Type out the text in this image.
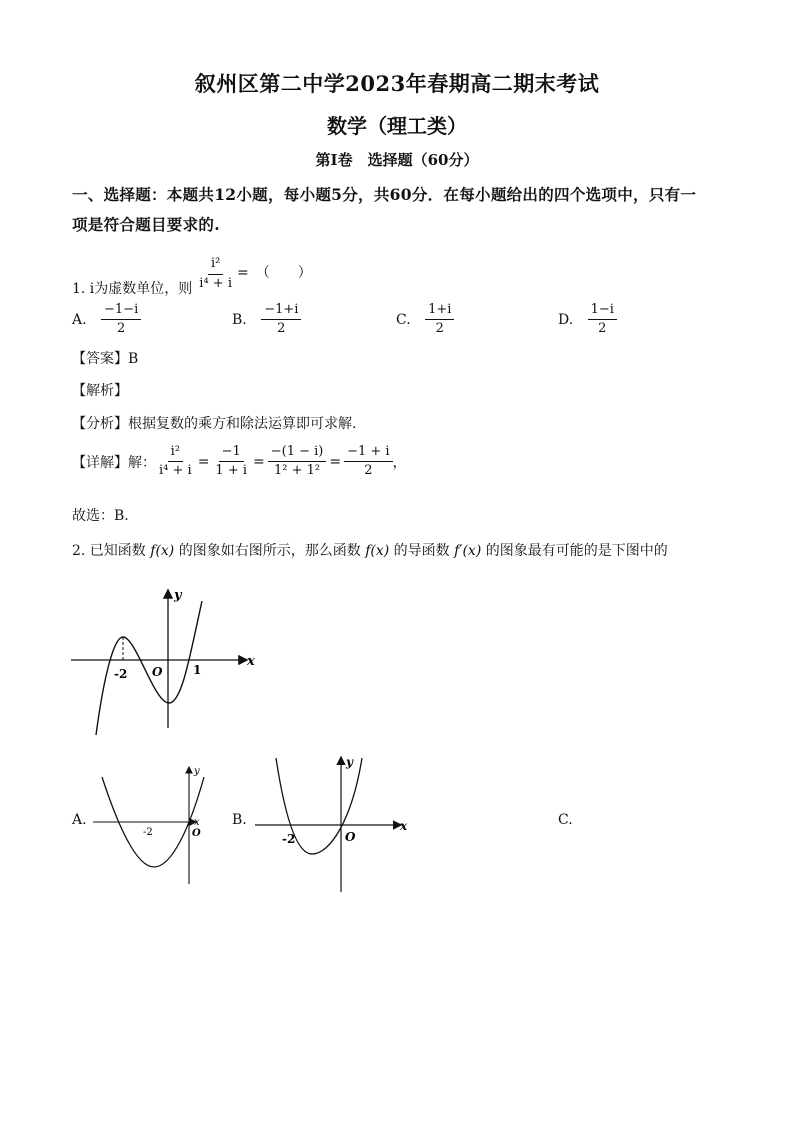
叙州区第二中学2023年春期高二期末考试
数学（理工类）
第Ⅰ卷　选择题（60分）
一、选择题：本题共12小题，每小题5分，共60分．在每小题给出的四个选项中，只有一
项是符合题目要求的.
1. i为虚数单位，则 $\frac{\text{i²}}{\text{i⁴ + i}}$ =　（　　）
A. $\frac{-1-i}{2}$	B. $\frac{-1+i}{2}$	C. $\frac{1+i}{2}$	D. $\frac{1-i}{2}$
【答案】B
【解析】
【分析】根据复数的乘方和除法运算即可求解.
【详解】 解： $\frac{\text{i²}}{\text{i⁴ + i}} = \frac{-1}{1 + i} = \frac{-(1 - i)}{\text{1² + 1²}} = \frac{-1 + i}{2}$ ，
故选：B.
2. 已知函数 f(x) 的图象如右图所示，那么函数 f(x) 的导函数 f′(x) 的图象最有可能的是下图中的
y
x
O
-2	1
A.
y
x
O
-2
B.
y
x
O
-2
C.
